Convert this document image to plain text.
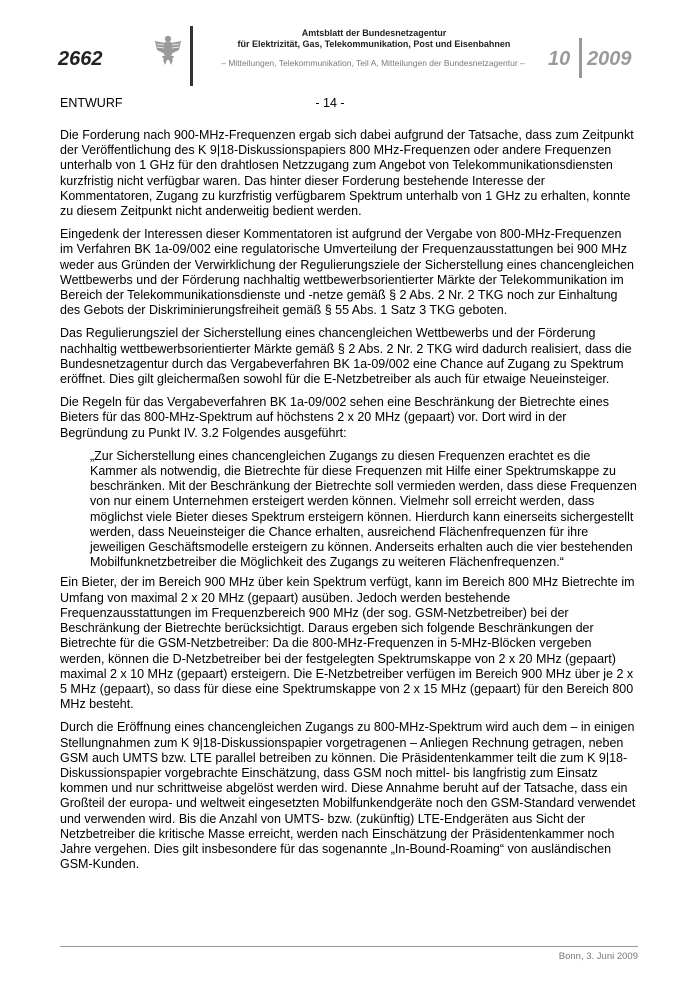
2662
Amtsblatt der Bundesnetzagentur
für Elektrizität, Gas, Telekommunikation, Post und Eisenbahnen
– Mitteilungen, Telekommunikation, Teil A, Mitteilungen der Bundesnetzagentur –	10 2009
ENTWURF	- 14 -

Die Forderung nach 900-MHz-Frequenzen ergab sich dabei aufgrund der Tatsache, dass zum Zeitpunkt der Veröffentlichung des K 9|18-Diskussionspapiers 800 MHz-Frequenzen oder andere Frequenzen unterhalb von 1 GHz für den drahtlosen Netzzugang zum Angebot von Telekommunikationsdiensten kurzfristig nicht verfügbar waren. Das hinter dieser Forderung bestehende Interesse der Kommentatoren, Zugang zu kurzfristig verfügbarem Spektrum unterhalb von 1 GHz zu erhalten, konnte zu diesem Zeitpunkt nicht anderweitig bedient werden.

Eingedenk der Interessen dieser Kommentatoren ist aufgrund der Vergabe von 800-MHz-Frequenzen im Verfahren BK 1a-09/002 eine regulatorische Umverteilung der Frequenzausstattungen bei 900 MHz weder aus Gründen der Verwirklichung der Regulierungsziele der Sicherstellung eines chancengleichen Wettbewerbs und der Förderung nachhaltig wettbewerbsorientierter Märkte der Telekommunikation im Bereich der Telekommunikationsdienste und -netze gemäß § 2 Abs. 2 Nr. 2 TKG noch zur Einhaltung des Gebots der Diskriminierungsfreiheit gemäß § 55 Abs. 1 Satz 3 TKG geboten.

Das Regulierungsziel der Sicherstellung eines chancengleichen Wettbewerbs und der Förderung nachhaltig wettbewerbsorientierter Märkte gemäß § 2 Abs. 2 Nr. 2 TKG wird dadurch realisiert, dass die Bundesnetzagentur durch das Vergabeverfahren BK 1a-09/002 eine Chance auf Zugang zu Spektrum eröffnet. Dies gilt gleichermaßen sowohl für die E-Netzbetreiber als auch für etwaige Neueinsteiger.

Die Regeln für das Vergabeverfahren BK 1a-09/002 sehen eine Beschränkung der Bietrechte eines Bieters für das 800-MHz-Spektrum auf höchstens 2 x 20 MHz (gepaart) vor. Dort wird in der Begründung zu Punkt IV. 3.2 Folgendes ausgeführt:

„Zur Sicherstellung eines chancengleichen Zugangs zu diesen Frequenzen erachtet es die Kammer als notwendig, die Bietrechte für diese Frequenzen mit Hilfe einer Spektrumskappe zu beschränken. Mit der Beschränkung der Bietrechte soll vermieden werden, dass diese Frequenzen von nur einem Unternehmen ersteigert werden können. Vielmehr soll erreicht werden, dass möglichst viele Bieter dieses Spektrum ersteigern können. Hierdurch kann einerseits sichergestellt werden, dass Neueinsteiger die Chance erhalten, ausreichend Flächenfrequenzen für ihre jeweiligen Geschäftsmodelle ersteigern zu können. Anderseits erhalten auch die vier bestehenden Mobilfunknetzbetreiber die Möglichkeit des Zugangs zu weiteren Flächenfrequenzen.“

Ein Bieter, der im Bereich 900 MHz über kein Spektrum verfügt, kann im Bereich 800 MHz Bietrechte im Umfang von maximal 2 x 20 MHz (gepaart) ausüben. Jedoch werden bestehende Frequenzausstattungen im Frequenzbereich 900 MHz (der sog. GSM-Netzbetreiber) bei der Beschränkung der Bietrechte berücksichtigt. Daraus ergeben sich folgende Beschränkungen der Bietrechte für die GSM-Netzbetreiber: Da die 800-MHz-Frequenzen in 5-MHz-Blöcken vergeben werden, können die D-Netzbetreiber bei der festgelegten Spektrumskappe von 2 x 20 MHz (gepaart) maximal 2 x 10 MHz (gepaart) ersteigern. Die E-Netzbetreiber verfügen im Bereich 900 MHz über je 2 x 5 MHz (gepaart), so dass für diese eine Spektrumskappe von 2 x 15 MHz (gepaart) für den Bereich 800 MHz besteht.

Durch die Eröffnung eines chancengleichen Zugangs zu 800-MHz-Spektrum wird auch dem – in einigen Stellungnahmen zum K 9|18-Diskussionspapier vorgetragenen – Anliegen Rechnung getragen, neben GSM auch UMTS bzw. LTE parallel betreiben zu können. Die Präsidentenkammer teilt die zum K 9|18-Diskussionspapier vorgebrachte Einschätzung, dass GSM noch mittel- bis langfristig zum Einsatz kommen und nur schrittweise abgelöst werden wird. Diese Annahme beruht auf der Tatsache, dass ein Großteil der europa- und weltweit eingesetzten Mobilfunkendgeräte noch den GSM-Standard verwendet und verwenden wird. Bis die Anzahl von UMTS- bzw. (zukünftig) LTE-Endgeräten aus Sicht der Netzbetreiber die kritische Masse erreicht, werden nach Einschätzung der Präsidentenkammer noch Jahre vergehen. Dies gilt insbesondere für das sogenannte „In-Bound-Roaming“ von ausländischen GSM-Kunden.

Bonn, 3. Juni 2009
